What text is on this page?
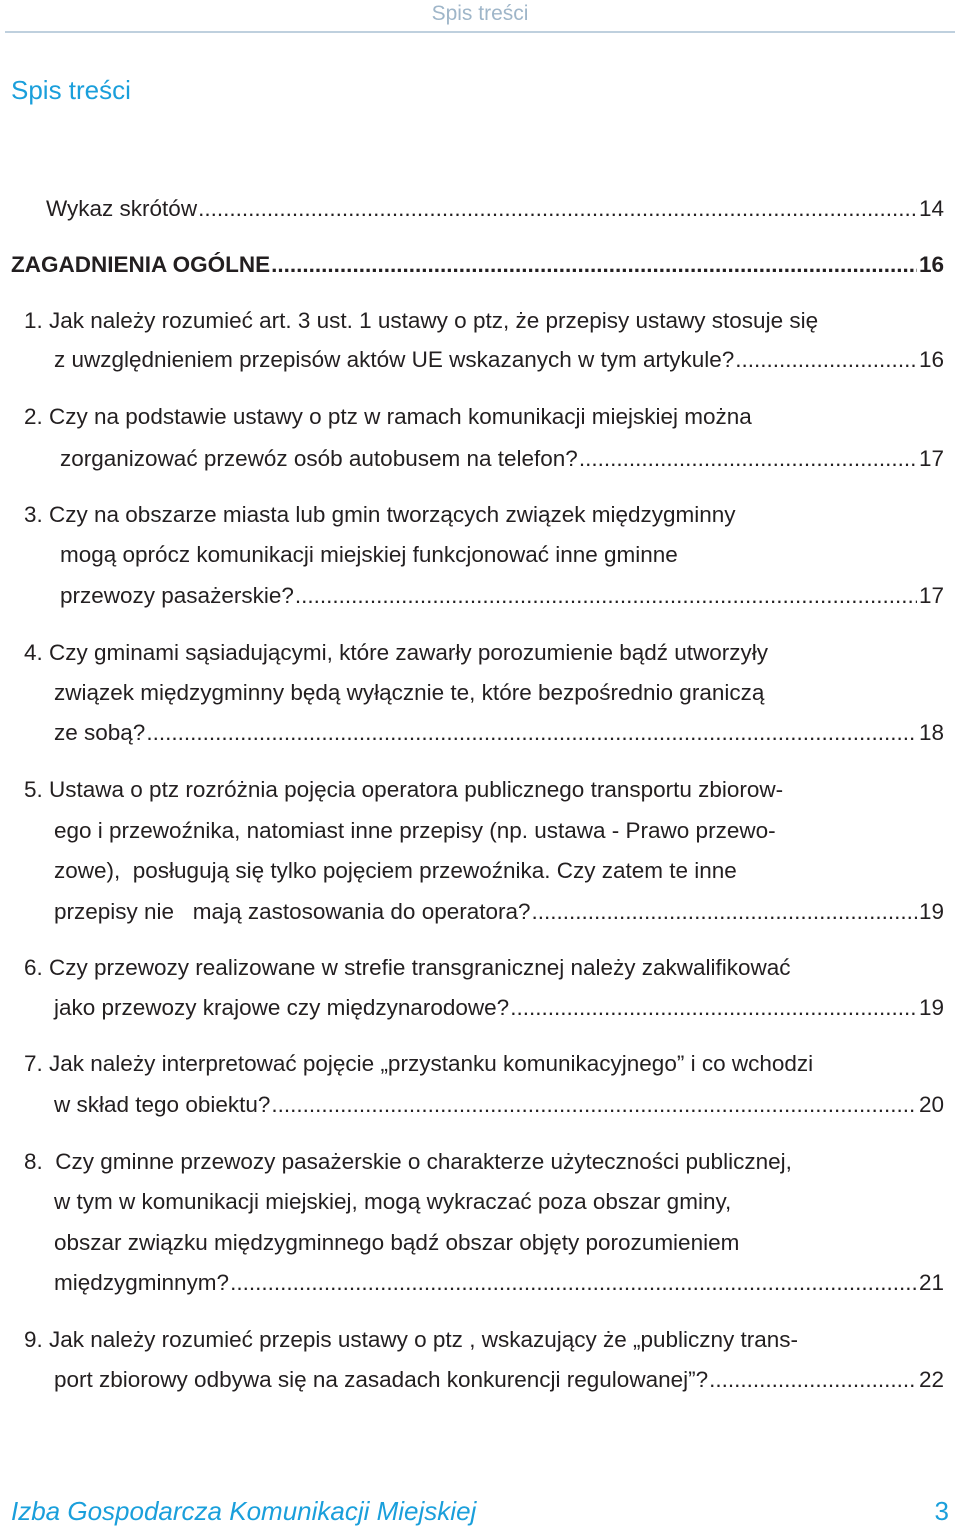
Spis treści
Spis treści
Wykaz skrótów .....	14
ZAGADNIENIA OGÓLNE .....	16
1. Jak należy rozumieć art. 3 ust. 1 ustawy o ptz, że przepisy ustawy stosuje się
z uwzględnieniem przepisów aktów UE wskazanych w tym artykule? .....	16
2. Czy na podstawie ustawy o ptz w ramach komunikacji miejskiej można
zorganizować przewóz osób autobusem na telefon? .....	17
3. Czy na obszarze miasta lub gmin tworzących związek międzygminny
mogą oprócz komunikacji miejskiej funkcjonować inne gminne
przewozy pasażerskie? .....	17
4. Czy gminami sąsiadującymi, które zawarły porozumienie bądź utworzyły
związek międzygminny będą wyłącznie te, które bezpośrednio graniczą
ze sobą? .....	18
5. Ustawa o ptz rozróżnia pojęcia operatora publicznego transportu zbiorow-
ego i przewoźnika, natomiast inne przepisy (np. ustawa - Prawo przewo-
zowe),  posługują się tylko pojęciem przewoźnika. Czy zatem te inne
przepisy nie   mają zastosowania do operatora? .....	19
6. Czy przewozy realizowane w strefie transgranicznej należy zakwalifikować
jako przewozy krajowe czy międzynarodowe? .....	19
7. Jak należy interpretować pojęcie „przystanku komunikacyjnego” i co wchodzi
w skład tego obiektu? .....	20
8.  Czy gminne przewozy pasażerskie o charakterze użyteczności publicznej,
w tym w komunikacji miejskiej, mogą wykraczać poza obszar gminy,
obszar związku międzygminnego bądź obszar objęty porozumieniem
międzygminnym? .....	21
9. Jak należy rozumieć przepis ustawy o ptz , wskazujący że „publiczny trans-
port zbiorowy odbywa się na zasadach konkurencji regulowanej”? .....	22
Izba Gospodarcza Komunikacji Miejskiej	3
